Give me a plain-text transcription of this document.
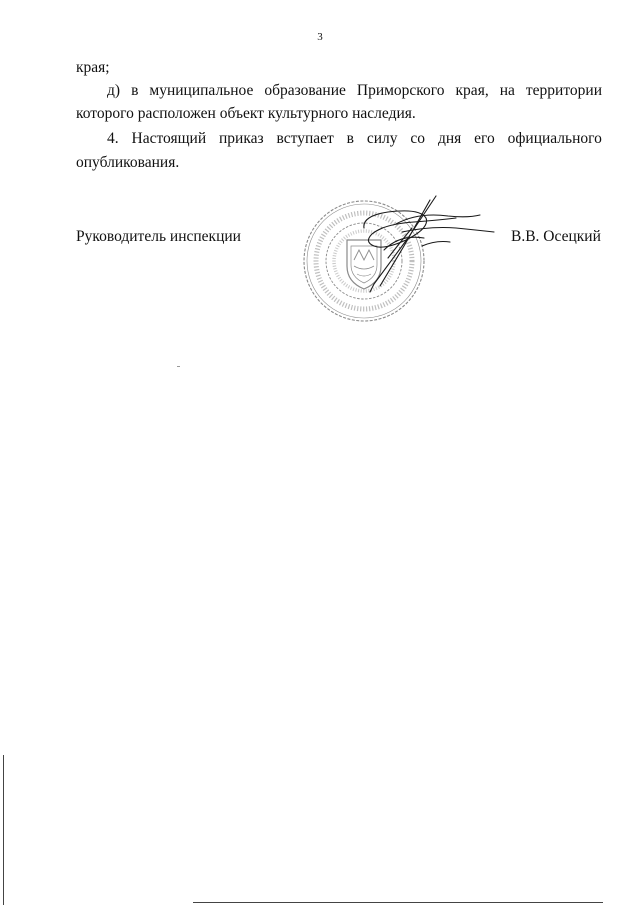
3
края;
д) в муниципальное образование Приморского края, на территории
которого расположен объект культурного наследия.
4. Настоящий приказ вступает в силу со дня его официального
опубликования.
Руководитель инспекции	В.В. Осецкий
